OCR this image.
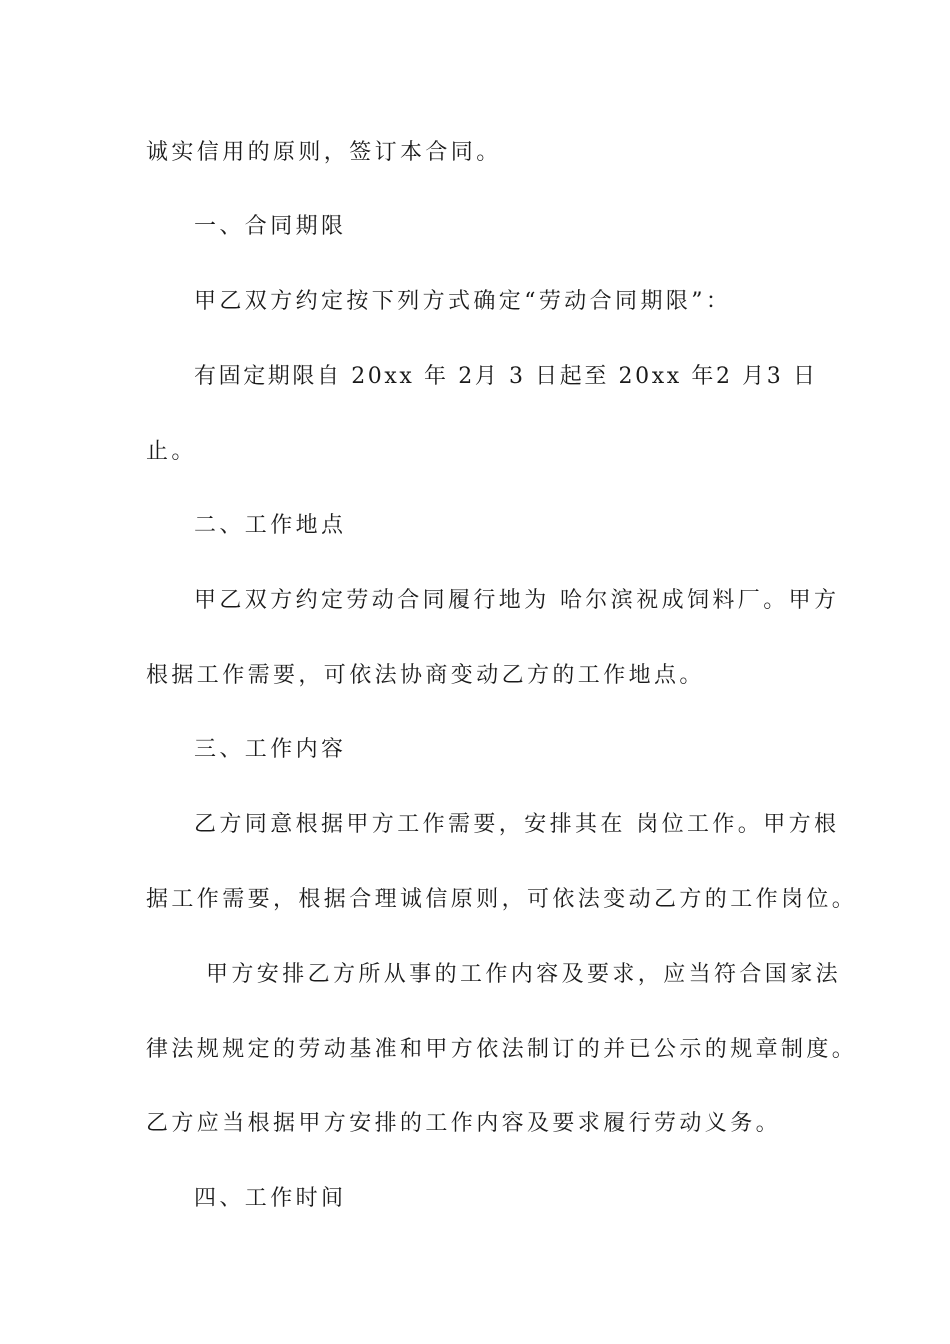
诚实信用的原则，签订本合同。
一、合同期限
甲乙双方约定按下列方式确定“劳动合同期限”：
有固定期限自 20xx 年 2月 3 日起至 20xx 年2 月3 日
止。
二、工作地点
甲乙双方约定劳动合同履行地为 哈尔滨祝成饲料厂。甲方
根据工作需要，可依法协商变动乙方的工作地点。
三、工作内容
乙方同意根据甲方工作需要，安排其在 岗位工作。甲方根
据工作需要，根据合理诚信原则，可依法变动乙方的工作岗位。
甲方安排乙方所从事的工作内容及要求，应当符合国家法
律法规规定的劳动基准和甲方依法制订的并已公示的规章制度。
乙方应当根据甲方安排的工作内容及要求履行劳动义务。
四、工作时间
